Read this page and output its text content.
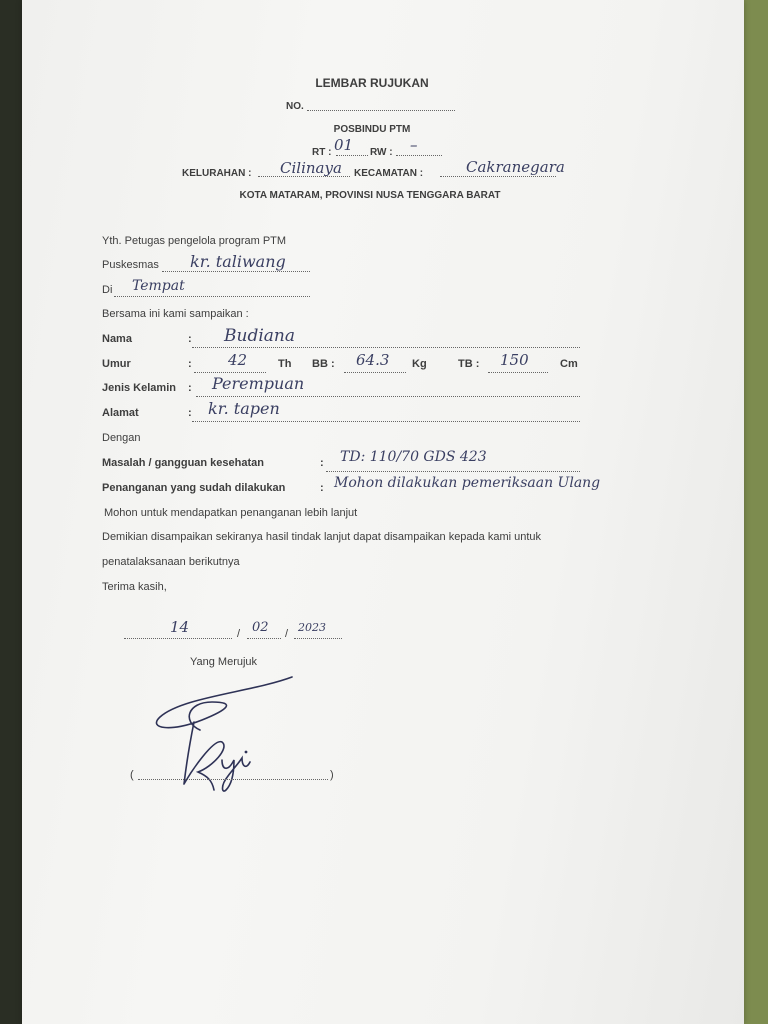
LEMBAR RUJUKAN
NO.
POSBINDU PTM
RT : 01 RW : –
KELURAHAN : Cilinaya KECAMATAN :	Cakranegara
KOTA MATARAM, PROVINSI NUSA TENGGARA BARAT
Yth. Petugas pengelola program PTM
Puskesmas kr. taliwang
Di Tempat
Bersama ini kami sampaikan :
Nama	: Budiana
Umur	: 42	Th BB : 64.3 Kg	TB : 150	Cm
Jenis Kelamin : Perempuan
Alamat	: kr. tapen
Dengan
Masalah / gangguan kesehatan	: TD: 110/70 GDS 423
Penanganan yang sudah dilakukan	: Mohon dilakukan pemeriksaan Ulang
Mohon untuk mendapatkan penanganan lebih lanjut
Demikian disampaikan sekiranya hasil tindak lanjut dapat disampaikan kepada kami untuk
penatalaksanaan berikutnya
Terima kasih,
14	/ 02 / 2023
Yang Merujuk
(	)
